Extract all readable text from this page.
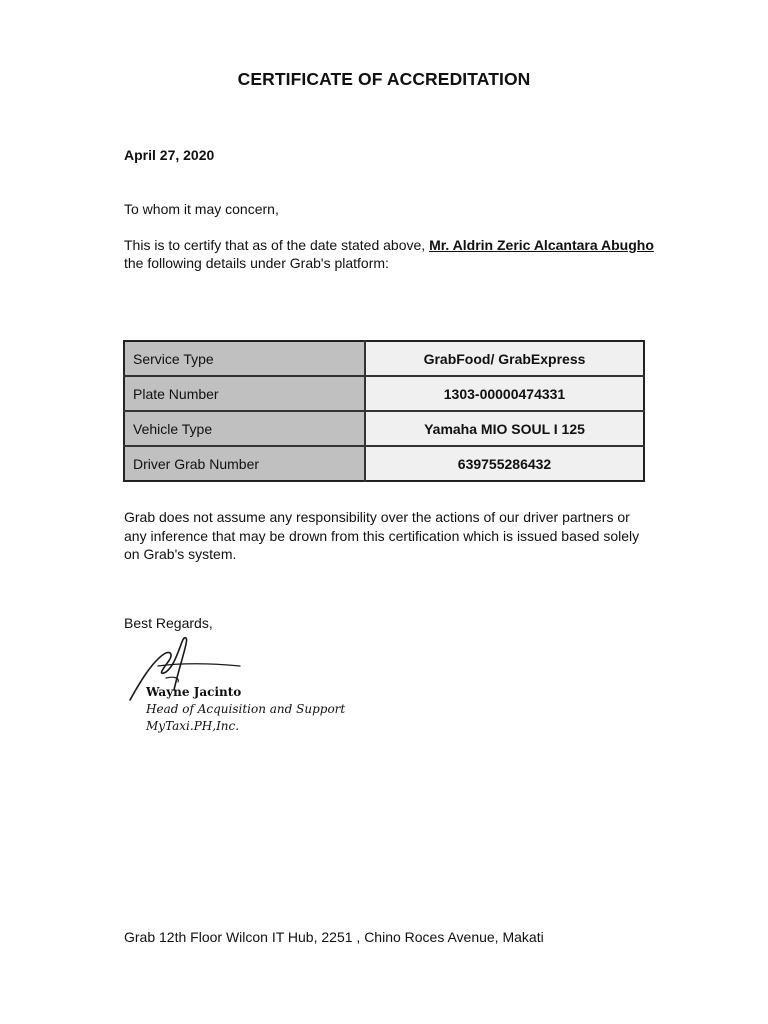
CERTIFICATE OF ACCREDITATION
April 27, 2020
To whom it may concern,
This is to certify that as of the date stated above, Mr. Aldrin Zeric Alcantara Abugho
the following details under Grab's platform:
Service Type	GrabFood/ GrabExpress
Plate Number	1303-00000474331
Vehicle Type	Yamaha MIO SOUL I 125
Driver Grab Number	639755286432
Grab does not assume any responsibility over the actions of our driver partners or any inference that may be drown from this certification which is issued based solely on Grab's system.
Best Regards,
Wayne Jacinto
Head of Acquisition and Support
MyTaxi.PH,Inc.
Grab 12th Floor Wilcon IT Hub, 2251 , Chino Roces Avenue, Makati
